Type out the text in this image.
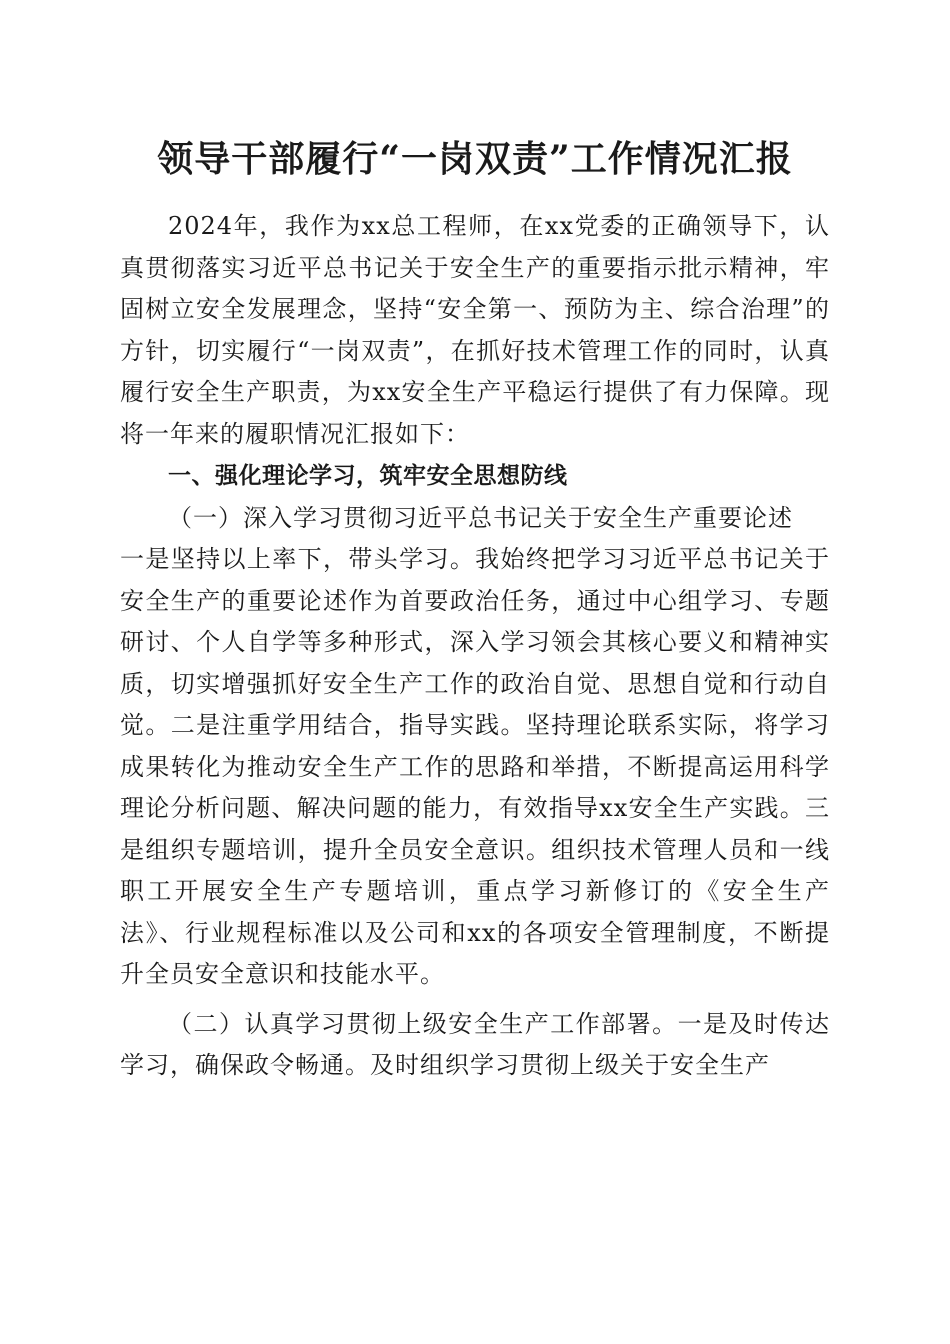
领导干部履行“一岗双责”工作情况汇报

2024年，我作为xx总工程师，在xx党委的正确领导下，认真贯彻落实习近平总书记关于安全生产的重要指示批示精神，牢固树立安全发展理念，坚持“安全第一、预防为主、综合治理”的方针，切实履行“一岗双责”，在抓好技术管理工作的同时，认真履行安全生产职责，为xx安全生产平稳运行提供了有力保障。现将一年来的履职情况汇报如下：

一、强化理论学习，筑牢安全思想防线

（一）深入学习贯彻习近平总书记关于安全生产重要论述

一是坚持以上率下，带头学习。我始终把学习习近平总书记关于安全生产的重要论述作为首要政治任务，通过中心组学习、专题研讨、个人自学等多种形式，深入学习领会其核心要义和精神实质，切实增强抓好安全生产工作的政治自觉、思想自觉和行动自觉。二是注重学用结合，指导实践。坚持理论联系实际，将学习成果转化为推动安全生产工作的思路和举措，不断提高运用科学理论分析问题、解决问题的能力，有效指导xx安全生产实践。三是组织专题培训，提升全员安全意识。组织技术管理人员和一线职工开展安全生产专题培训，重点学习新修订的《安全生产法》、行业规程标准以及公司和xx的各项安全管理制度，不断提升全员安全意识和技能水平。

（二）认真学习贯彻上级安全生产工作部署。一是及时传达学习，确保政令畅通。及时组织学习贯彻上级关于安全生产
